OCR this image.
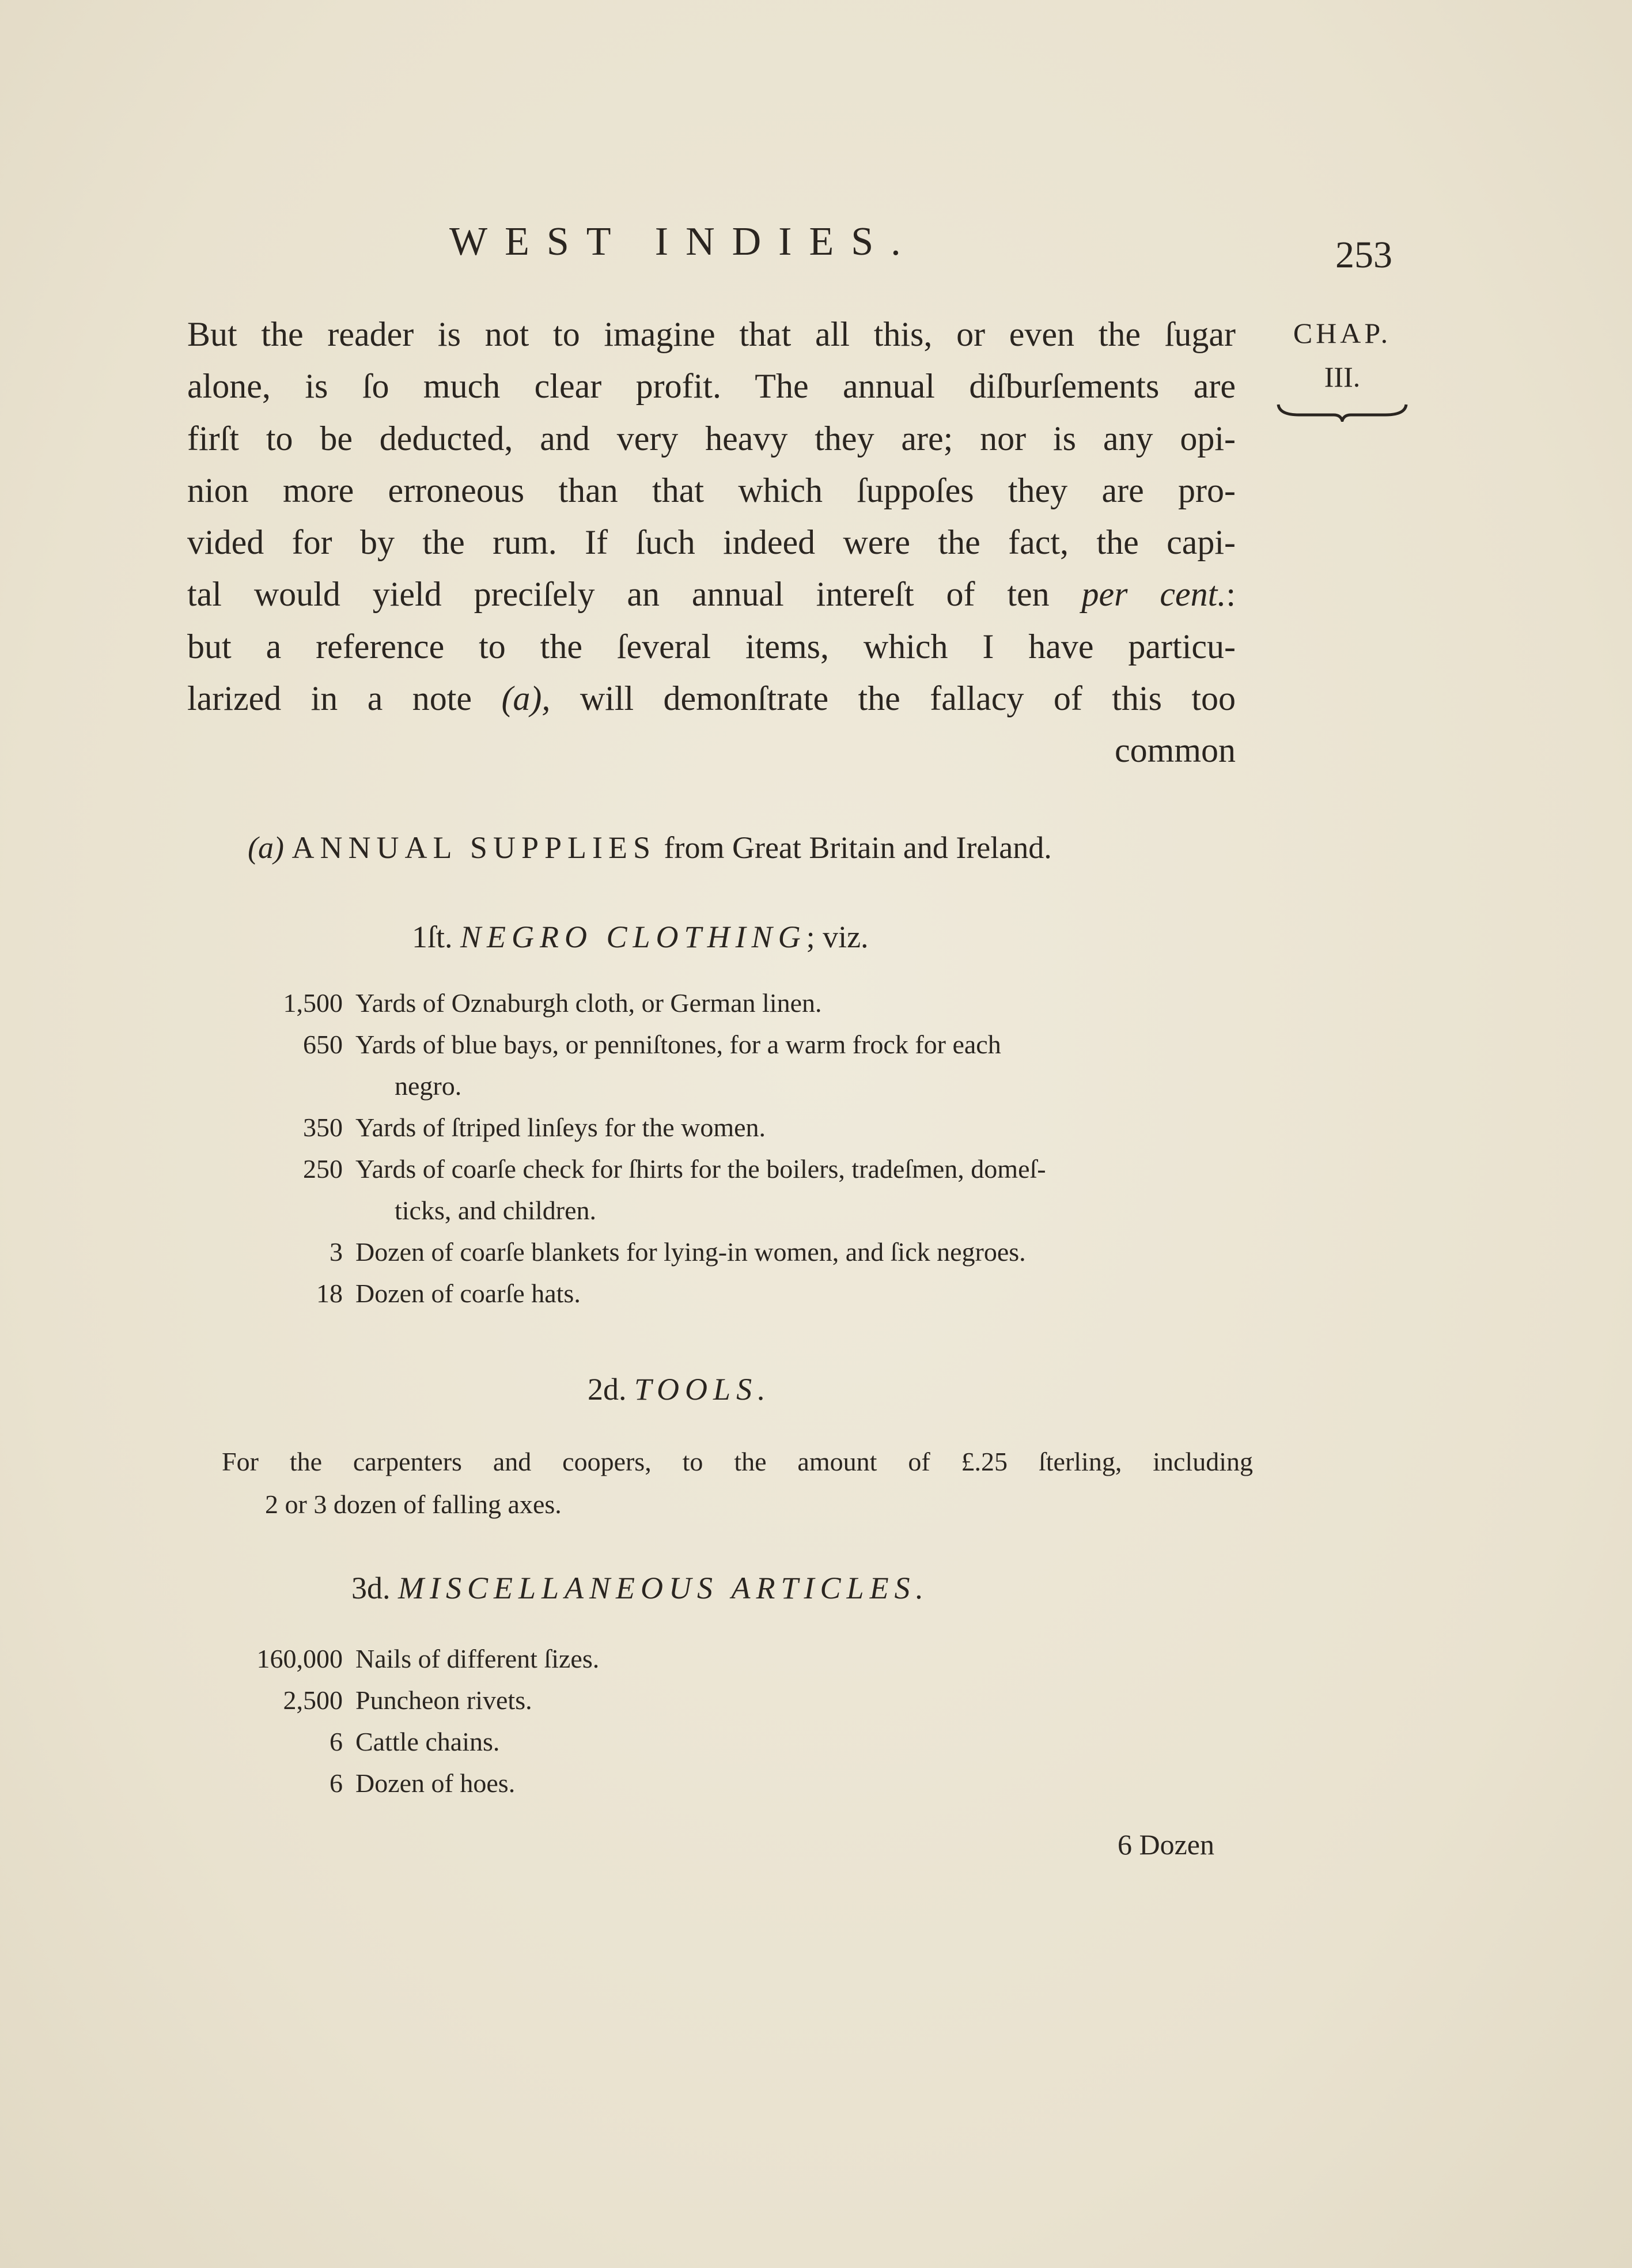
WEST INDIES.	253
CHAP.
III.
But the reader is not to imagine that all this, or even the ſugar
alone, is ſo much clear profit. The annual diſburſements are
firſt to be deducted, and very heavy they are; nor is any opi-
nion more erroneous than that which ſuppoſes they are pro-
vided for by the rum. If ſuch indeed were the fact, the capi-
tal would yield preciſely an annual intereſt of ten per cent.:
but a reference to the ſeveral items, which I have particu-
larized in a note (a), will demonſtrate the fallacy of this too
common
(a) ANNUAL SUPPLIES from Great Britain and Ireland.
1ſt. NEGRO CLOTHING; viz.
1,500 Yards of Oznaburgh cloth, or German linen.
650 Yards of blue bays, or penniſtones, for a warm frock for each
negro.
350 Yards of ſtriped linſeys for the women.
250 Yards of coarſe check for ſhirts for the boilers, tradeſmen, domeſ-
ticks, and children.
3 Dozen of coarſe blankets for lying-in women, and ſick negroes.
18 Dozen of coarſe hats.
2d. TOOLS.
For the carpenters and coopers, to the amount of £.25 ſterling, including
2 or 3 dozen of falling axes.
3d. MISCELLANEOUS ARTICLES.
160,000 Nails of different ſizes.
2,500 Puncheon rivets.
6 Cattle chains.
6 Dozen of hoes.
6 Dozen
